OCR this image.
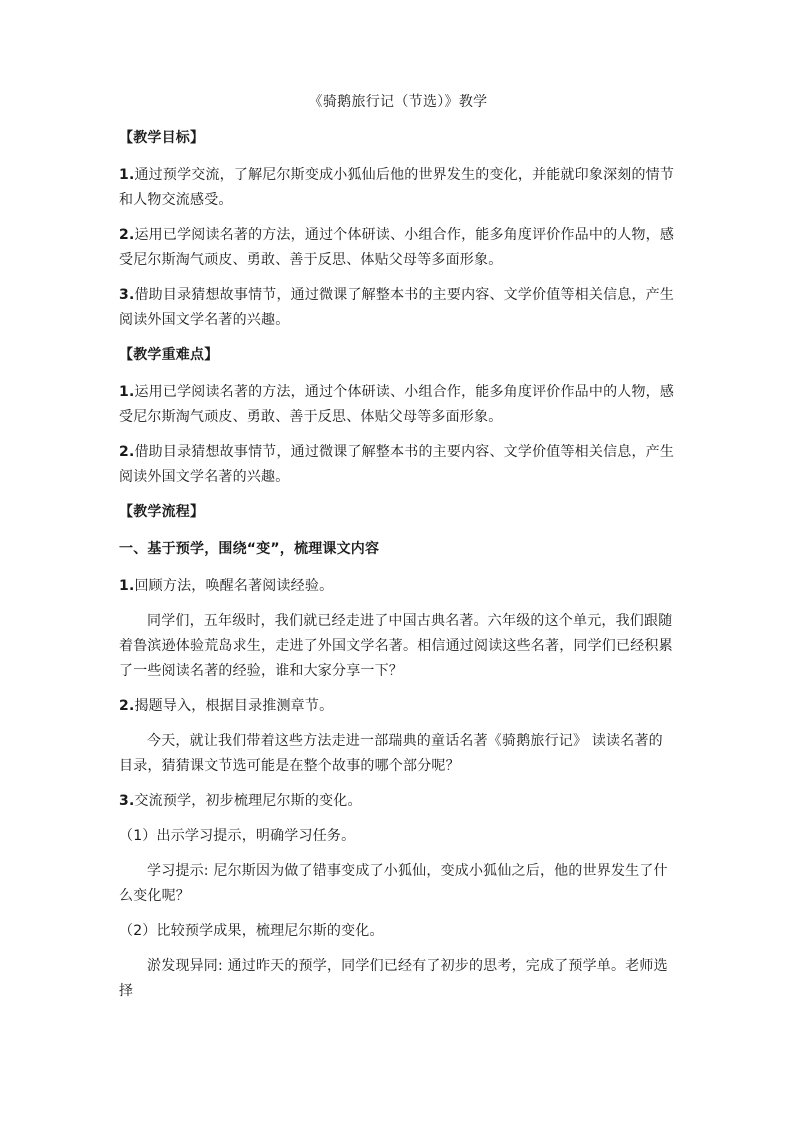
《骑鹅旅行记（节选）》教学
【教学目标】
1.通过预学交流，了解尼尔斯变成小狐仙后他的世界发生的变化，并能就印象深刻的情节和人物交流感受。
2.运用已学阅读名著的方法，通过个体研读、小组合作，能多角度评价作品中的人物，感受尼尔斯淘气顽皮、勇敢、善于反思、体贴父母等多面形象。
3.借助目录猜想故事情节，通过微课了解整本书的主要内容、文学价值等相关信息，产生阅读外国文学名著的兴趣。
【教学重难点】
1.运用已学阅读名著的方法，通过个体研读、小组合作，能多角度评价作品中的人物，感受尼尔斯淘气顽皮、勇敢、善于反思、体贴父母等多面形象。
2.借助目录猜想故事情节，通过微课了解整本书的主要内容、文学价值等相关信息，产生阅读外国文学名著的兴趣。
【教学流程】
一、基于预学，围绕“变”，梳理课文内容
1.回顾方法，唤醒名著阅读经验。
同学们，五年级时，我们就已经走进了中国古典名著。六年级的这个单元，我们跟随着鲁滨逊体验荒岛求生，走进了外国文学名著。相信通过阅读这些名著，同学们已经积累了一些阅读名著的经验，谁和大家分享一下？
2.揭题导入，根据目录推测章节。
今天，就让我们带着这些方法走进一部瑞典的童话名著《骑鹅旅行记》 读读名著的目录，猜猜课文节选可能是在整个故事的哪个部分呢？
3.交流预学，初步梳理尼尔斯的变化。
（1）出示学习提示，明确学习任务。
学习提示: 尼尔斯因为做了错事变成了小狐仙，变成小狐仙之后，他的世界发生了什么变化呢？
（2）比较预学成果，梳理尼尔斯的变化。
淤发现异同: 通过昨天的预学，同学们已经有了初步的思考，完成了预学单。老师选择
